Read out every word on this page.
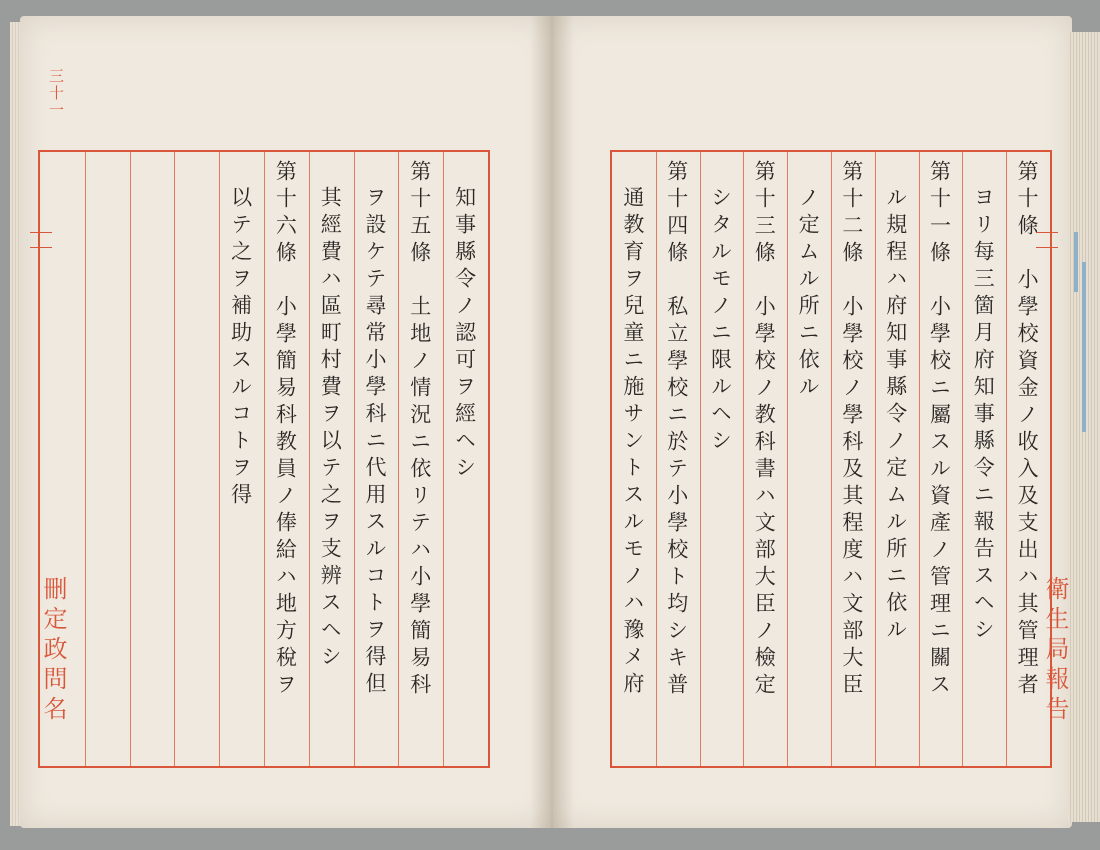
三十一
刪定政問名	衛生局報告
知事縣令ノ認可ヲ經ヘシ
第十五條　土地ノ情況ニ依リテハ小學簡易科
ヲ設ケテ尋常小學科ニ代用スルコトヲ得但
其經費ハ區町村費ヲ以テ之ヲ支辨スヘシ
第十六條　小學簡易科教員ノ俸給ハ地方稅ヲ
以テ之ヲ補助スルコトヲ得	第十條　小學校資金ノ收入及支出ハ其管理者
ヨリ每三箇月府知事縣令ニ報告スヘシ
第十一條　小學校ニ屬スル資產ノ管理ニ關ス
ル規程ハ府知事縣令ノ定ムル所ニ依ル
第十二條　小學校ノ學科及其程度ハ文部大臣
ノ定ムル所ニ依ル
第十三條　小學校ノ教科書ハ文部大臣ノ檢定
シタルモノニ限ルヘシ
第十四條　私立學校ニ於テ小學校ト均シキ普
通教育ヲ兒童ニ施サントスルモノハ豫メ府
